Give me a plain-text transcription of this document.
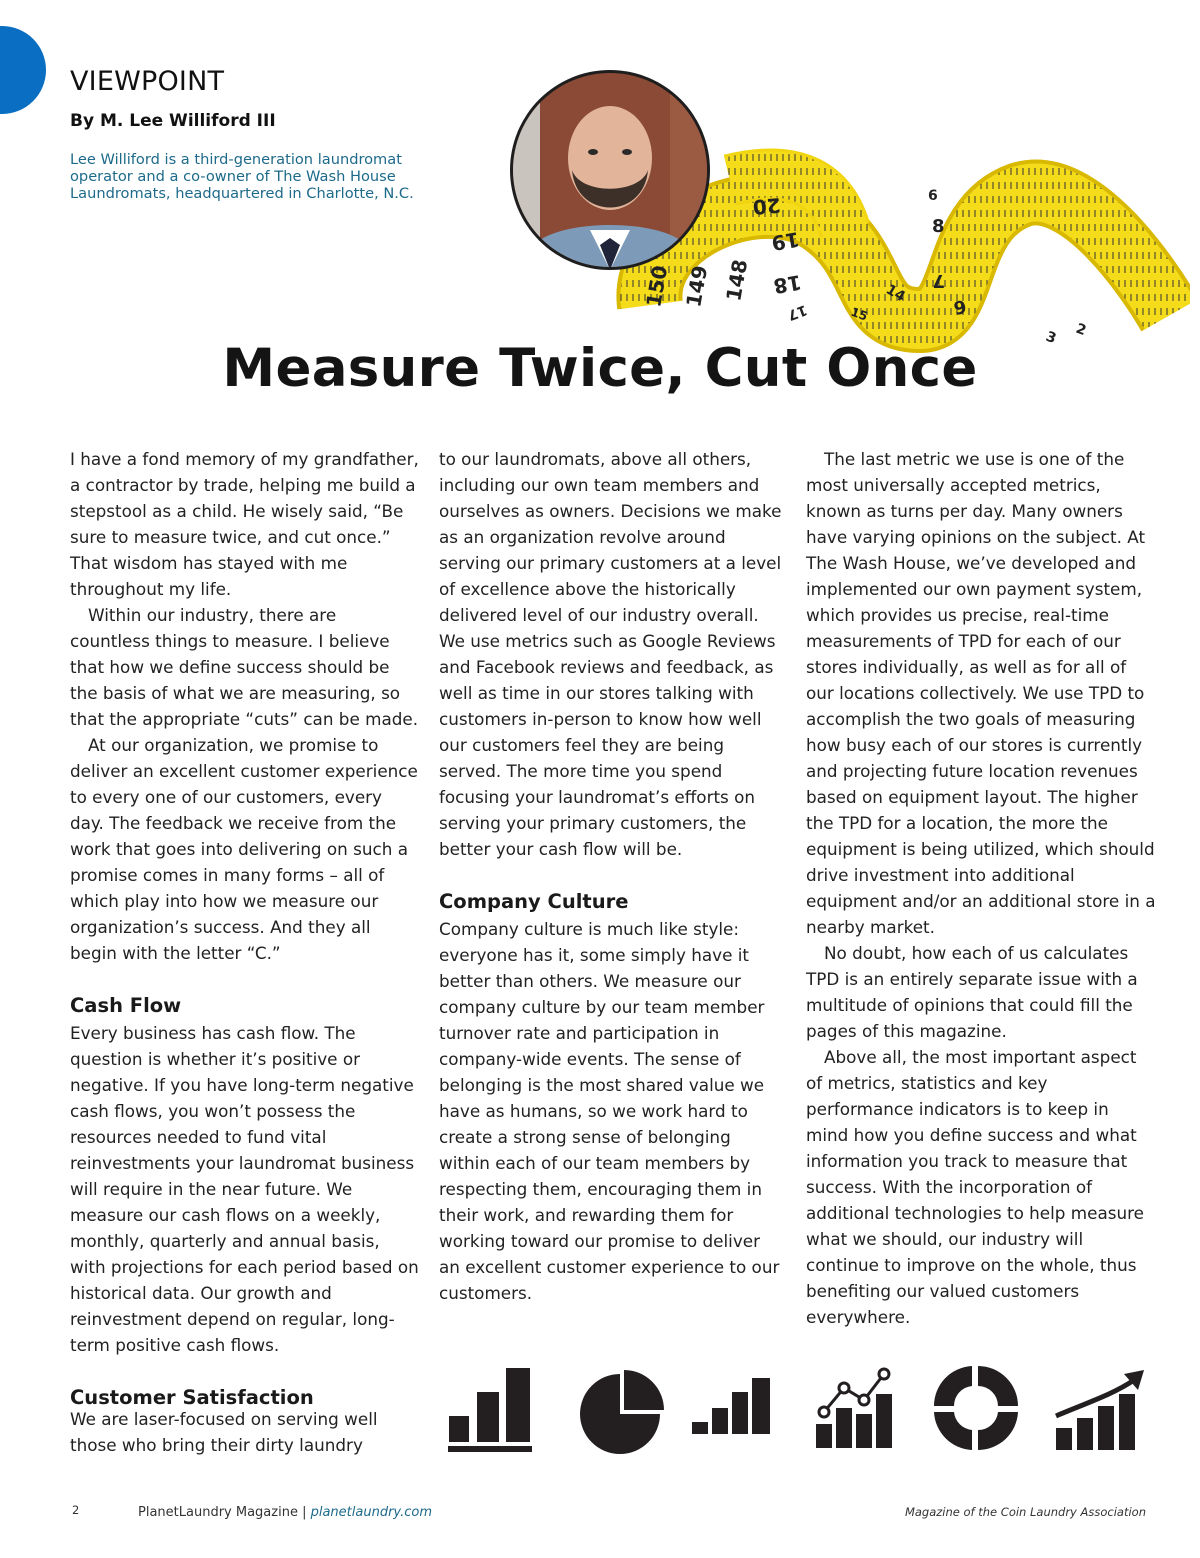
VIEWPOINT
By M. Lee Williford III
Lee Williford is a third-generation laundromat operator and a co-owner of The Wash House Laundromats, headquartered in Charlotte, N.C.
150 149 148
20
19
18
17	15
14
9
8
7
6
3 2
Measure Twice, Cut Once

I have a fond memory of my grandfather, a contractor by trade, helping me build a stepstool as a child. He wisely said, “Be sure to measure twice, and cut once.” That wisdom has stayed with me throughout my life.

Within our industry, there are countless things to measure. I believe that how we define success should be the basis of what we are measuring, so that the appropriate “cuts” can be made.

At our organization, we promise to deliver an excellent customer experience to every one of our customers, every day. The feedback we receive from the work that goes into delivering on such a promise comes in many forms – all of which play into how we measure our organization’s success. And they all begin with the letter “C.”

Cash Flow

Every business has cash flow. The question is whether it’s positive or negative. If you have long-term negative cash flows, you won’t possess the resources needed to fund vital reinvestments your laundromat business will require in the near future. We measure our cash flows on a weekly, monthly, quarterly and annual basis, with projections for each period based on historical data. Our growth and reinvestment depend on regular, long-term positive cash flows.

Customer Satisfaction

We are laser-focused on serving well those who bring their dirty laundry

to our laundromats, above all others, including our own team members and ourselves as owners. Decisions we make as an organization revolve around serving our primary customers at a level of excellence above the historically delivered level of our industry overall. We use metrics such as Google Reviews and Facebook reviews and feedback, as well as time in our stores talking with customers in-person to know how well our customers feel they are being served. The more time you spend focusing your laundromat’s efforts on serving your primary customers, the better your cash flow will be.

Company Culture

Company culture is much like style: everyone has it, some simply have it better than others. We measure our company culture by our team member turnover rate and participation in company-wide events. The sense of belonging is the most shared value we have as humans, so we work hard to create a strong sense of belonging within each of our team members by respecting them, encouraging them in their work, and rewarding them for working toward our promise to deliver an excellent customer experience to our customers.

The last metric we use is one of the most universally accepted metrics, known as turns per day. Many owners have varying opinions on the subject. At The Wash House, we’ve developed and implemented our own payment system, which provides us precise, real-time measurements of TPD for each of our stores individually, as well as for all of our locations collectively. We use TPD to accomplish the two goals of measuring how busy each of our stores is currently and projecting future location revenues based on equipment layout. The higher the TPD for a location, the more the equipment is being utilized, which should drive investment into additional equipment and/or an additional store in a nearby market.

No doubt, how each of us calculates TPD is an entirely separate issue with a multitude of opinions that could fill the pages of this magazine.

Above all, the most important aspect of metrics, statistics and key performance indicators is to keep in mind how you define success and what information you track to measure that success. With the incorporation of additional technologies to help measure what we should, our industry will continue to improve on the whole, thus benefiting our valued customers everywhere.

2	PlanetLaundry Magazine | planetlaundry.com	Magazine of the Coin Laundry Association
